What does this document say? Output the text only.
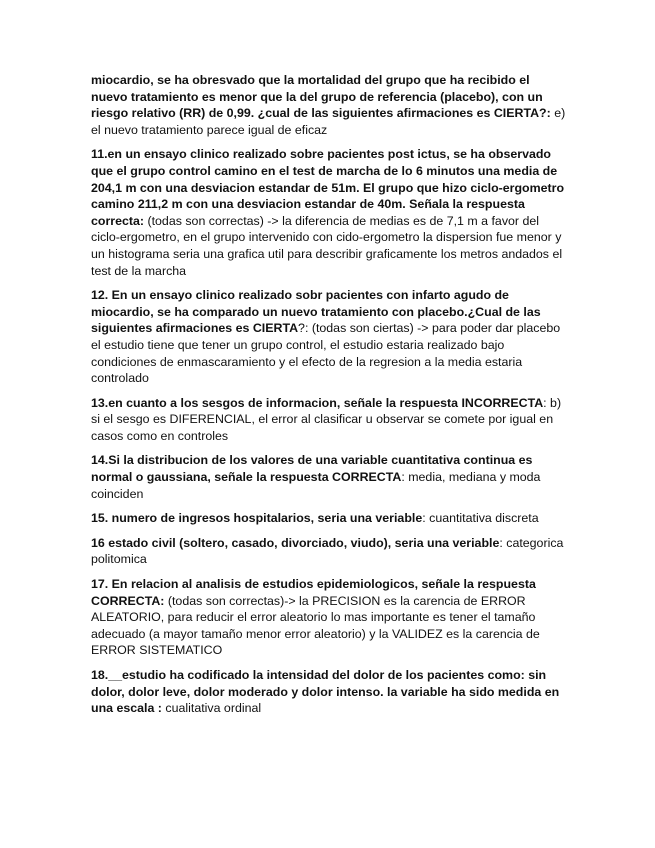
miocardio, se ha obresvado que la mortalidad del grupo que ha recibido el nuevo tratamiento es menor que la del grupo de referencia (placebo), con un riesgo relativo (RR) de 0,99. ¿cual de las siguientes afirmaciones es CIERTA?: e) el nuevo tratamiento parece igual de eficaz

11.en un ensayo clinico realizado sobre pacientes post ictus, se ha observado que el grupo control camino en el test de marcha de lo 6 minutos una media de 204,1 m con una desviacion estandar de 51m. El grupo que hizo ciclo-ergometro camino 211,2 m con una desviacion estandar de 40m. Señala la respuesta correcta: (todas son correctas) -> la diferencia de medias es de 7,1 m a favor del ciclo-ergometro, en el grupo intervenido con cido-ergometro la dispersion fue menor y un histograma seria una grafica util para describir graficamente los metros andados el test de la marcha

12. En un ensayo clinico realizado sobr pacientes con infarto agudo de miocardio, se ha comparado un nuevo tratamiento con placebo.¿Cual de las siguientes afirmaciones es CIERTA?: (todas son ciertas) -> para poder dar placebo el estudio tiene que tener un grupo control, el estudio estaria realizado bajo condiciones de enmascaramiento y el efecto de la regresion a la media estaria controlado

13.en cuanto a los sesgos de informacion, señale la respuesta INCORRECTA: b) si el sesgo es DIFERENCIAL, el error al clasificar u observar se comete por igual en casos como en controles

14.Si la distribucion de los valores de una variable cuantitativa continua es normal o gaussiana, señale la respuesta CORRECTA: media, mediana y moda coinciden

15. numero de ingresos hospitalarios, seria una veriable: cuantitativa discreta

16 estado civil (soltero, casado, divorciado, viudo), seria una veriable: categorica politomica

17. En relacion al analisis de estudios epidemiologicos, señale la respuesta CORRECTA: (todas son correctas)-> la PRECISION es la carencia de ERROR ALEATORIO, para reducir el error aleatorio lo mas importante es tener el tamaño adecuado (a mayor tamaño menor error aleatorio) y la VALIDEZ es la carencia de ERROR SISTEMATICO

18.__estudio ha codificado la intensidad del dolor de los pacientes como: sin dolor, dolor leve, dolor moderado y dolor intenso. la variable ha sido medida en una escala : cualitativa ordinal
